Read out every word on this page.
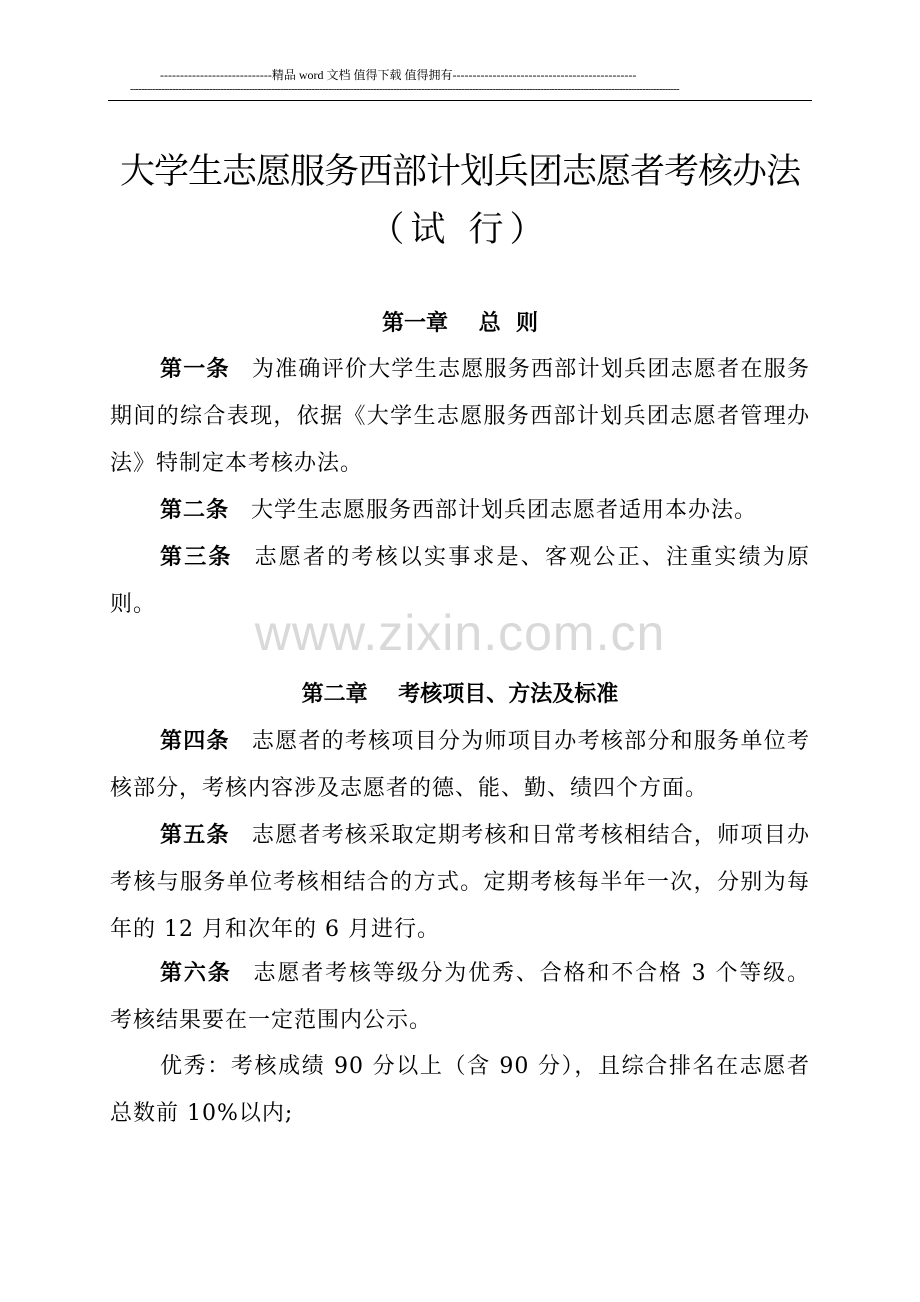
----------------------------精品 word 文档 值得下载 值得拥有----------------------------------------------
--------------------------------------------------------------------------------------------------------------------------------------------------------------------------------------------------
大学生志愿服务西部计划兵团志愿者考核办法
（试 行）
第一章    总  则
第一条 为准确评价大学生志愿服务西部计划兵团志愿者在服务期间的综合表现，依据《大学生志愿服务西部计划兵团志愿者管理办法》特制定本考核办法。
第二条 大学生志愿服务西部计划兵团志愿者适用本办法。
第三条 志愿者的考核以实事求是、客观公正、注重实绩为原则。
www.zixin.com.cn
第二章    考核项目、方法及标准
第四条 志愿者的考核项目分为师项目办考核部分和服务单位考核部分，考核内容涉及志愿者的德、能、勤、绩四个方面。
第五条 志愿者考核采取定期考核和日常考核相结合，师项目办考核与服务单位考核相结合的方式。定期考核每半年一次，分别为每年的 12 月和次年的 6 月进行。
第六条 志愿者考核等级分为优秀、合格和不合格 3 个等级。考核结果要在一定范围内公示。
优秀：考核成绩 90 分以上（含 90 分），且综合排名在志愿者总数前 10%以内;
